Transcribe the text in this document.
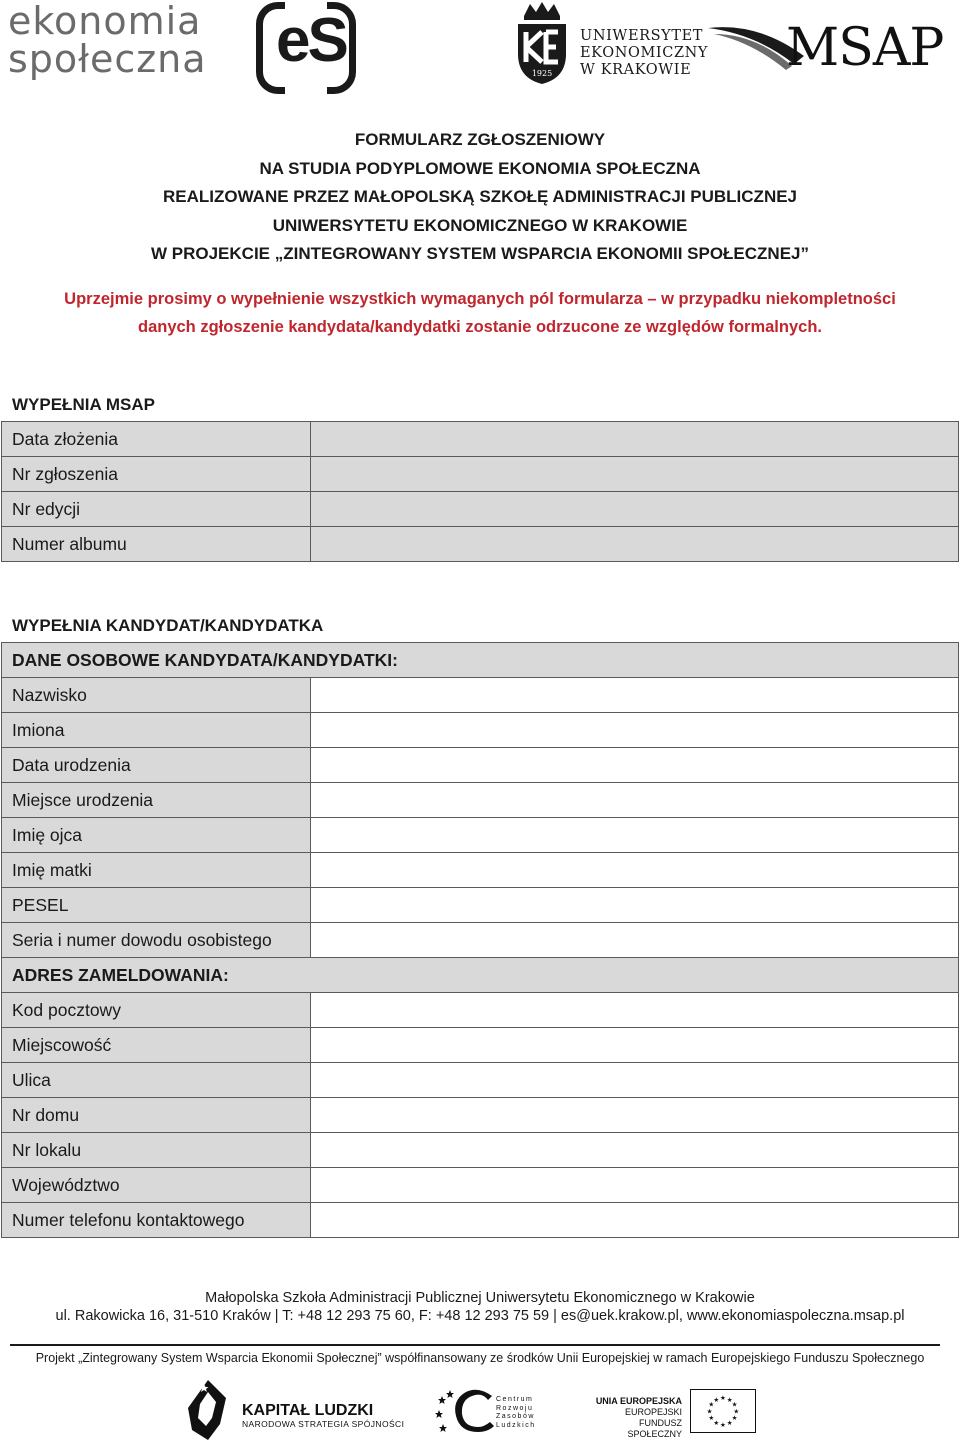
ekonomia
społeczna eS	1925
UNIWERSYTET
EKONOMICZNY
W KRAKOWIE	MSAP
FORMULARZ ZGŁOSZENIOWY
NA STUDIA PODYPLOMOWE EKONOMIA SPOŁECZNA
REALIZOWANE PRZEZ MAŁOPOLSKĄ SZKOŁĘ ADMINISTRACJI PUBLICZNEJ
UNIWERSYTETU EKONOMICZNEGO W KRAKOWIE
W PROJEKCIE „ZINTEGROWANY SYSTEM WSPARCIA EKONOMII SPOŁECZNEJ”
Uprzejmie prosimy o wypełnienie wszystkich wymaganych pól formularza – w przypadku niekompletności
danych zgłoszenie kandydata/kandydatki zostanie odrzucone ze względów formalnych.
WYPEŁNIA MSAP
Data złożenia	
Nr zgłoszenia	
Nr edycji	
Numer albumu	
WYPEŁNIA KANDYDAT/KANDYDATKA
DANE OSOBOWE KANDYDATA/KANDYDATKI:	
Nazwisko	
Imiona	
Data urodzenia	
Miejsce urodzenia	
Imię ojca	
Imię matki	
PESEL	
Seria i numer dowodu osobistego	
ADRES ZAMELDOWANIA:	
Kod pocztowy	
Miejscowość	
Ulica	
Nr domu	
Nr lokalu	
Województwo	
Numer telefonu kontaktowego	
Małopolska Szkoła Administracji Publicznej Uniwersytetu Ekonomicznego w Krakowie
ul. Rakowicka 16, 31-510 Kraków | T: +48 12 293 75 60, F: +48 12 293 75 59 | es@uek.krakow.pl, www.ekonomiaspoleczna.msap.pl
Projekt „Zintegrowany System Wsparcia Ekonomii Społecznej” współfinansowany ze środków Unii Europejskiej w ramach Europejskiego Funduszu Społecznego
KAPITAŁ LUDZKI
NARODOWA STRATEGIA SPÓJNOŚCI
Centrum
Rozwoju
Zasobów
Ludzkich
UNIA EUROPEJSKA
EUROPEJSKI
FUNDUSZ SPOŁECZNY
★
★
★
★
★
★
★
★
★ ★ ★
★
